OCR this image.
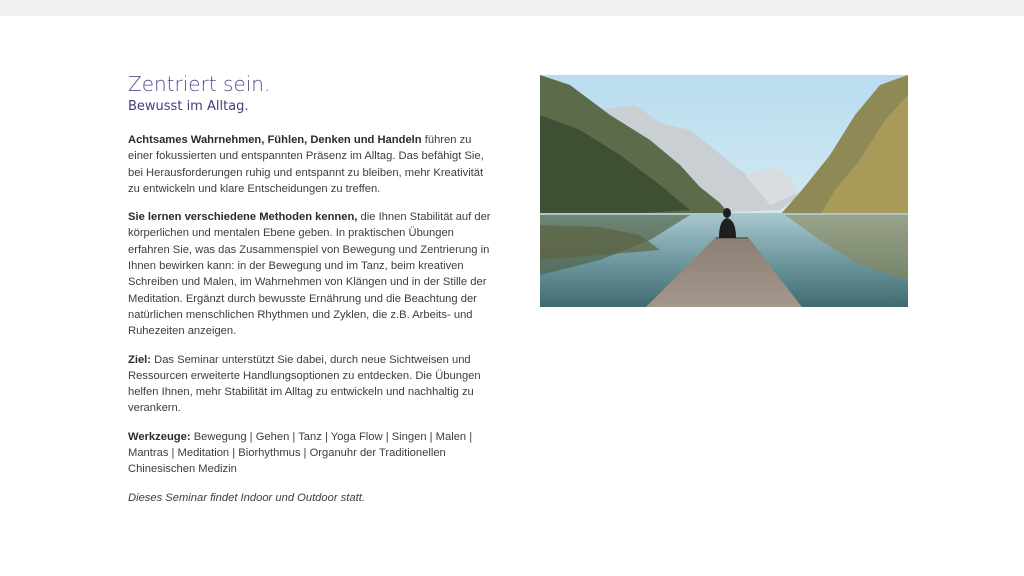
Zentriert sein.
Bewusst im Alltag.

Achtsames Wahrnehmen, Fühlen, Denken und Handeln führen zu einer fokussierten und entspannten Präsenz im Alltag. Das befähigt Sie, bei Herausforderungen ruhig und entspannt zu bleiben, mehr Kreativität zu entwickeln und klare Entscheidungen zu treffen.

Sie lernen verschiedene Methoden kennen, die Ihnen Stabilität auf der körperlichen und mentalen Ebene geben. In praktischen Übungen erfahren Sie, was das Zusammenspiel von Bewegung und Zentrierung in Ihnen bewirken kann: in der Bewegung und im Tanz, beim kreativen Schreiben und Malen, im Wahrnehmen von Klängen und in der Stille der Meditation. Ergänzt durch bewusste Ernährung und die Beachtung der natürlichen menschlichen Rhythmen und Zyklen, die z.B. Arbeits- und Ruhezeiten anzeigen.

Ziel: Das Seminar unterstützt Sie dabei, durch neue Sichtweisen und Ressourcen erweiterte Handlungsoptionen zu entdecken. Die Übungen helfen Ihnen, mehr Stabilität im Alltag zu entwickeln und nachhaltig zu verankern.

Werkzeuge: Bewegung | Gehen | Tanz | Yoga Flow | Singen | Malen | Mantras | Meditation | Biorhythmus | Organuhr der Traditionellen Chinesischen Medizin

Dieses Seminar findet Indoor und Outdoor statt.
